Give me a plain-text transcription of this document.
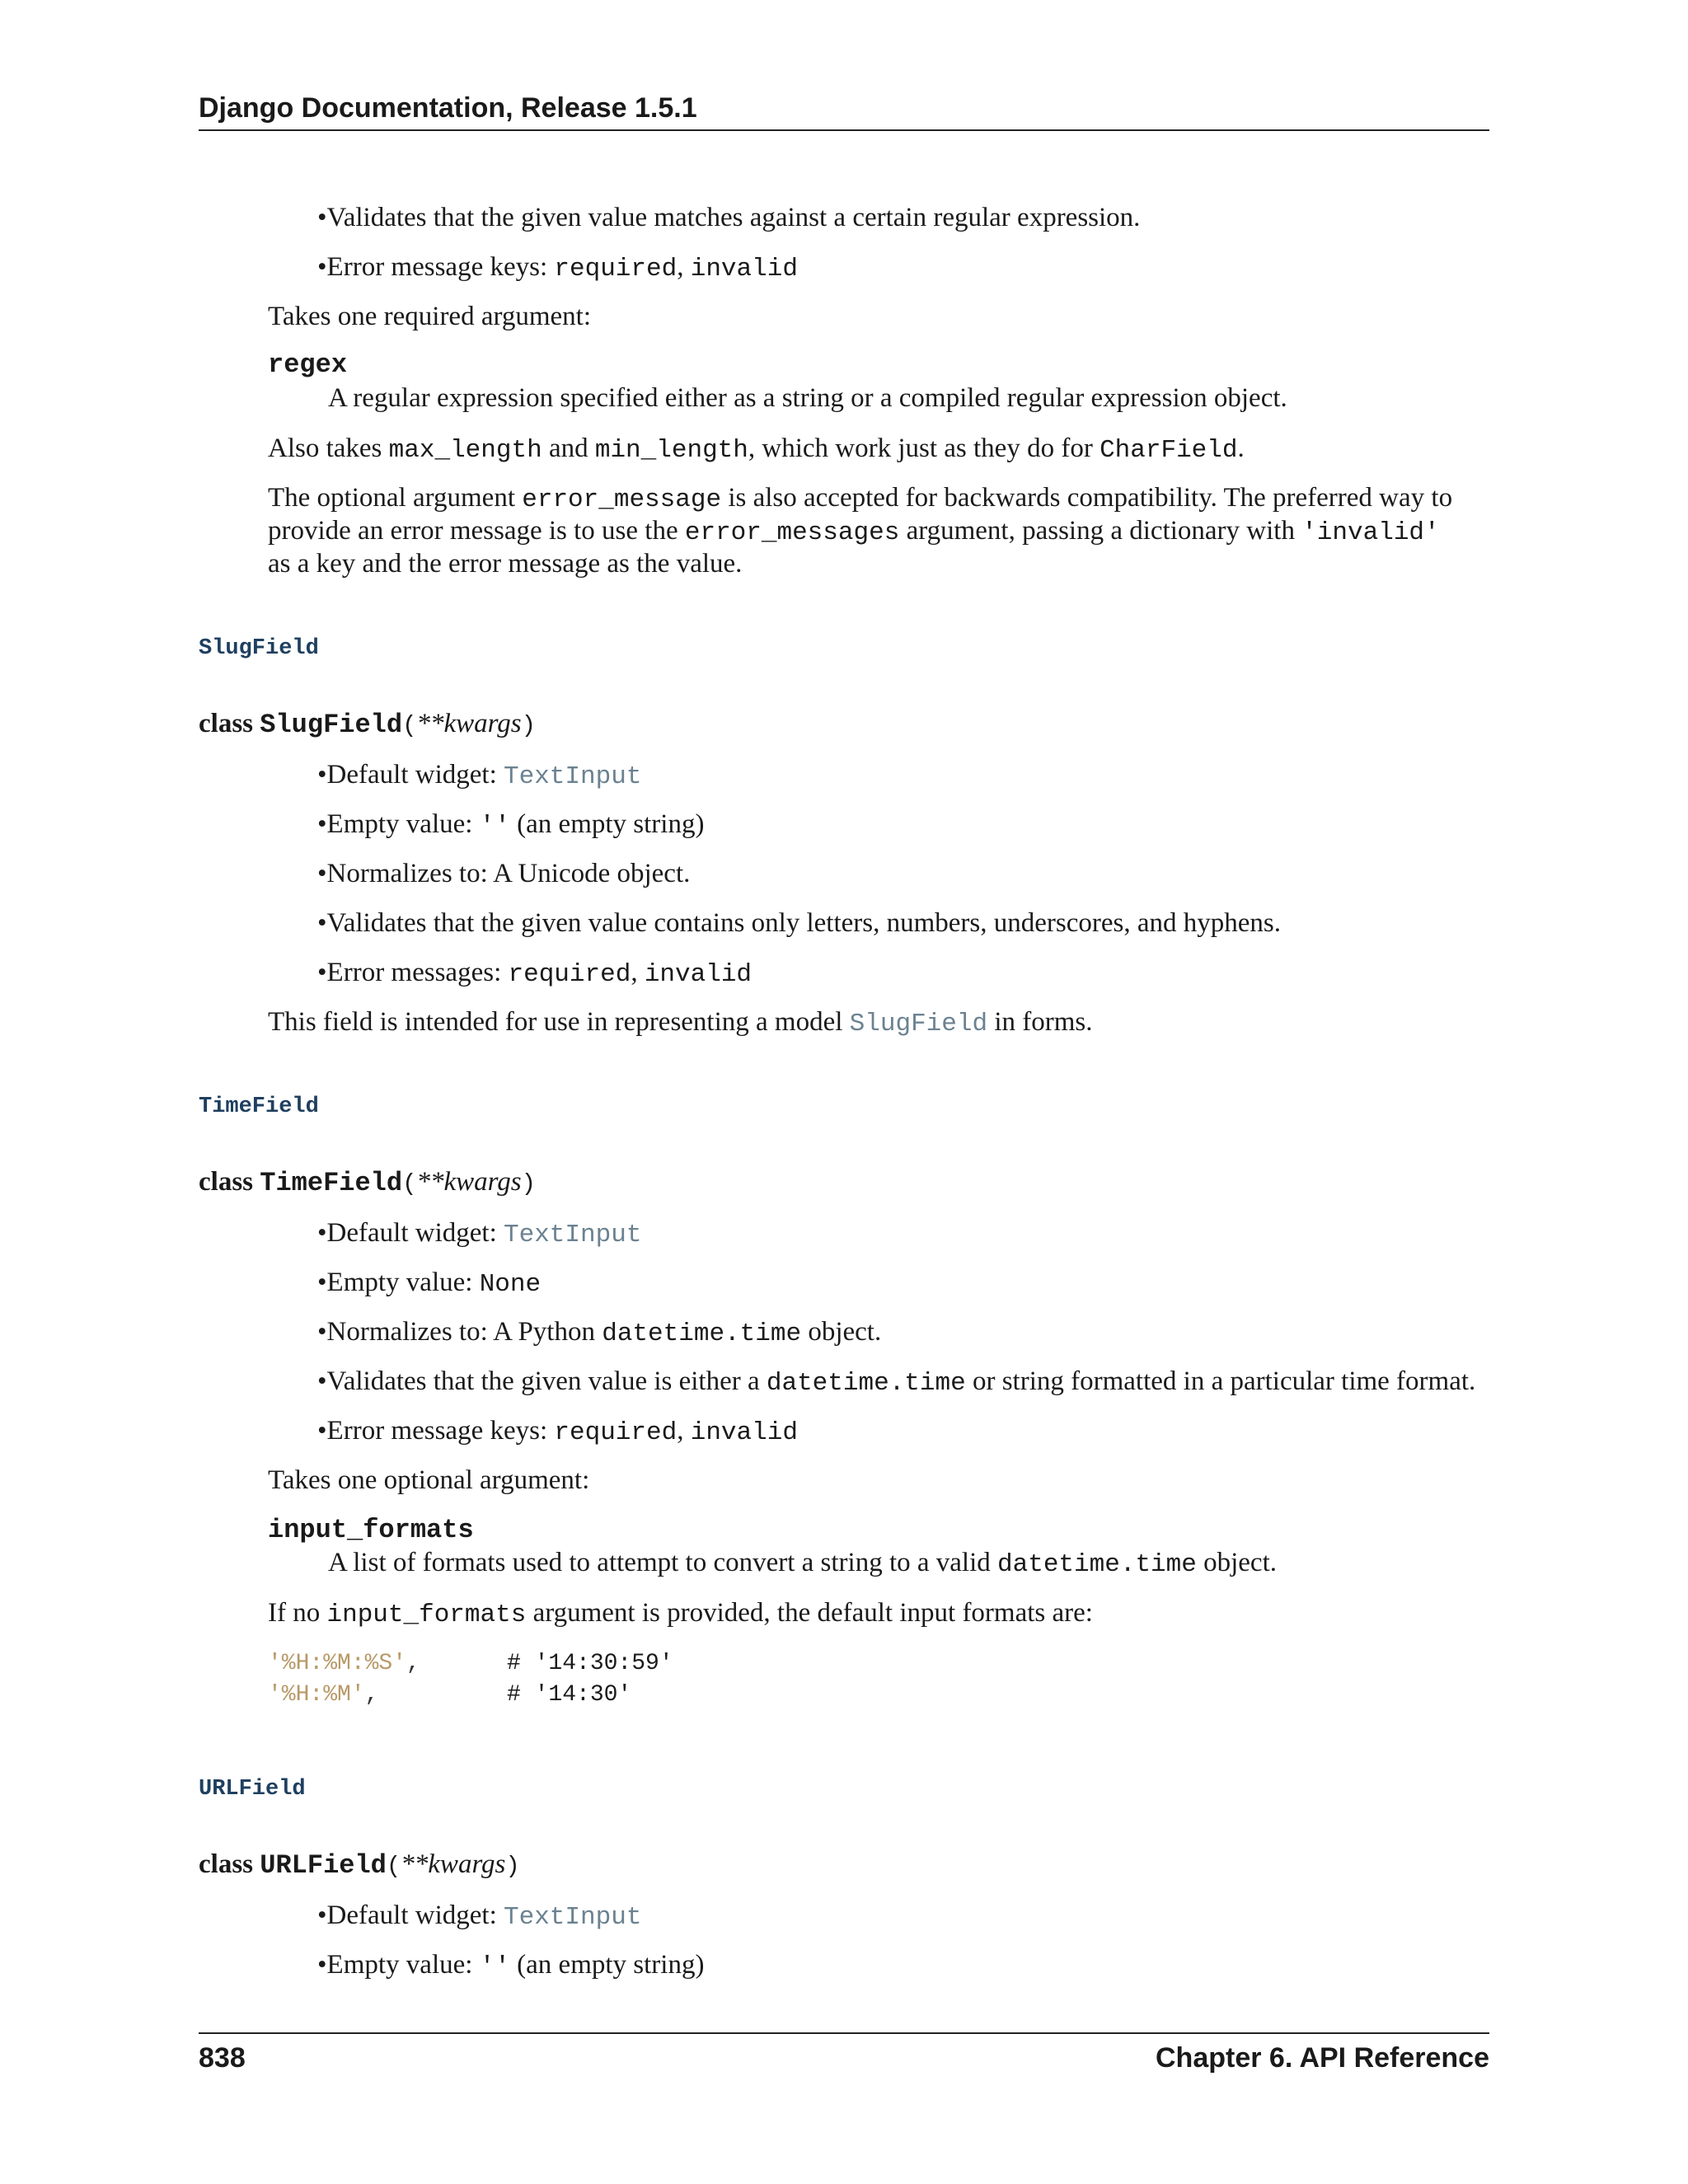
Django Documentation, Release 1.5.1
•Validates that the given value matches against a certain regular expression.
•Error message keys: required, invalid
Takes one required argument:
regex
A regular expression specified either as a string or a compiled regular expression object.
Also takes max_length and min_length, which work just as they do for CharField.
The optional argument error_message is also accepted for backwards compatibility. The preferred way to
provide an error message is to use the error_messages argument, passing a dictionary with 'invalid'
as a key and the error message as the value.
SlugField
class SlugField(**kwargs)
•Default widget: TextInput
•Empty value: '' (an empty string)
•Normalizes to: A Unicode object.
•Validates that the given value contains only letters, numbers, underscores, and hyphens.
•Error messages: required, invalid
This field is intended for use in representing a model SlugField in forms.
TimeField
class TimeField(**kwargs)
•Default widget: TextInput
•Empty value: None
•Normalizes to: A Python datetime.time object.
•Validates that the given value is either a datetime.time or string formatted in a particular time format.
•Error message keys: required, invalid
Takes one optional argument:
input_formats
A list of formats used to attempt to convert a string to a valid datetime.time object.
If no input_formats argument is provided, the default input formats are:
'%H:%M:%S',	# '14:30:59'
'%H:%M',	# '14:30'
URLField
class URLField(**kwargs)
•Default widget: TextInput
•Empty value: '' (an empty string)
838	Chapter 6. API Reference
